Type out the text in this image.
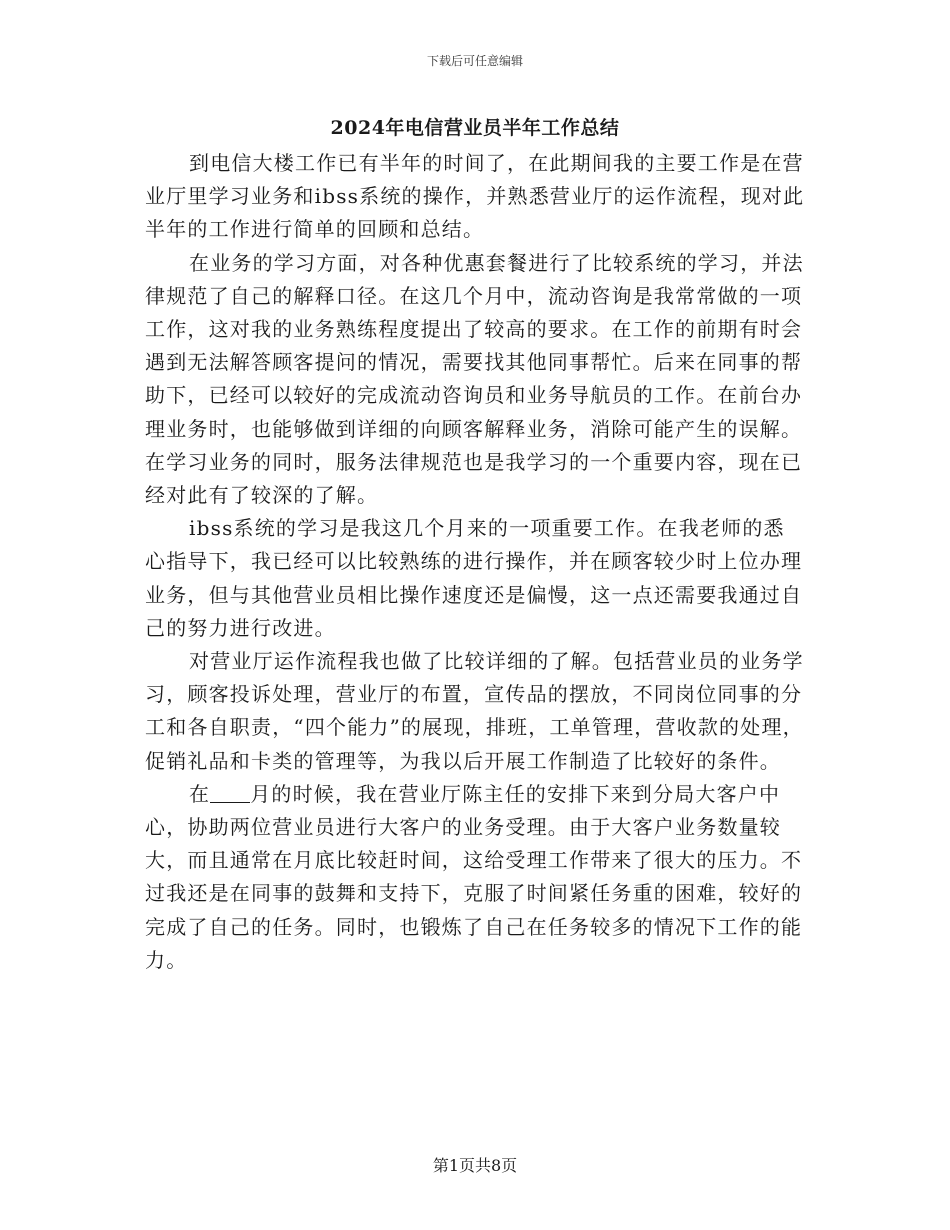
下载后可任意编辑
2024年电信营业员半年工作总结

到电信大楼工作已有半年的时间了，在此期间我的主要工作是在营业厅里学习业务和ibss系统的操作，并熟悉营业厅的运作流程，现对此半年的工作进行简单的回顾和总结。

在业务的学习方面，对各种优惠套餐进行了比较系统的学习，并法律规范了自己的解释口径。在这几个月中，流动咨询是我常常做的一项工作，这对我的业务熟练程度提出了较高的要求。在工作的前期有时会遇到无法解答顾客提问的情况，需要找其他同事帮忙。后来在同事的帮助下，已经可以较好的完成流动咨询员和业务导航员的工作。在前台办理业务时，也能够做到详细的向顾客解释业务，消除可能产生的误解。在学习业务的同时，服务法律规范也是我学习的一个重要内容，现在已经对此有了较深的了解。

ibss系统的学习是我这几个月来的一项重要工作。在我老师的悉心指导下，我已经可以比较熟练的进行操作，并在顾客较少时上位办理业务，但与其他营业员相比操作速度还是偏慢，这一点还需要我通过自己的努力进行改进。

对营业厅运作流程我也做了比较详细的了解。包括营业员的业务学习，顾客投诉处理，营业厅的布置，宣传品的摆放，不同岗位同事的分工和各自职责，“四个能力”的展现，排班，工单管理，营收款的处理，促销礼品和卡类的管理等，为我以后开展工作制造了比较好的条件。

在 月的时候，我在营业厅陈主任的安排下来到分局大客户中心，协助两位营业员进行大客户的业务受理。由于大客户业务数量较大，而且通常在月底比较赶时间，这给受理工作带来了很大的压力。不过我还是在同事的鼓舞和支持下，克服了时间紧任务重的困难，较好的完成了自己的任务。同时，也锻炼了自己在任务较多的情况下工作的能力。

第1页共8页
